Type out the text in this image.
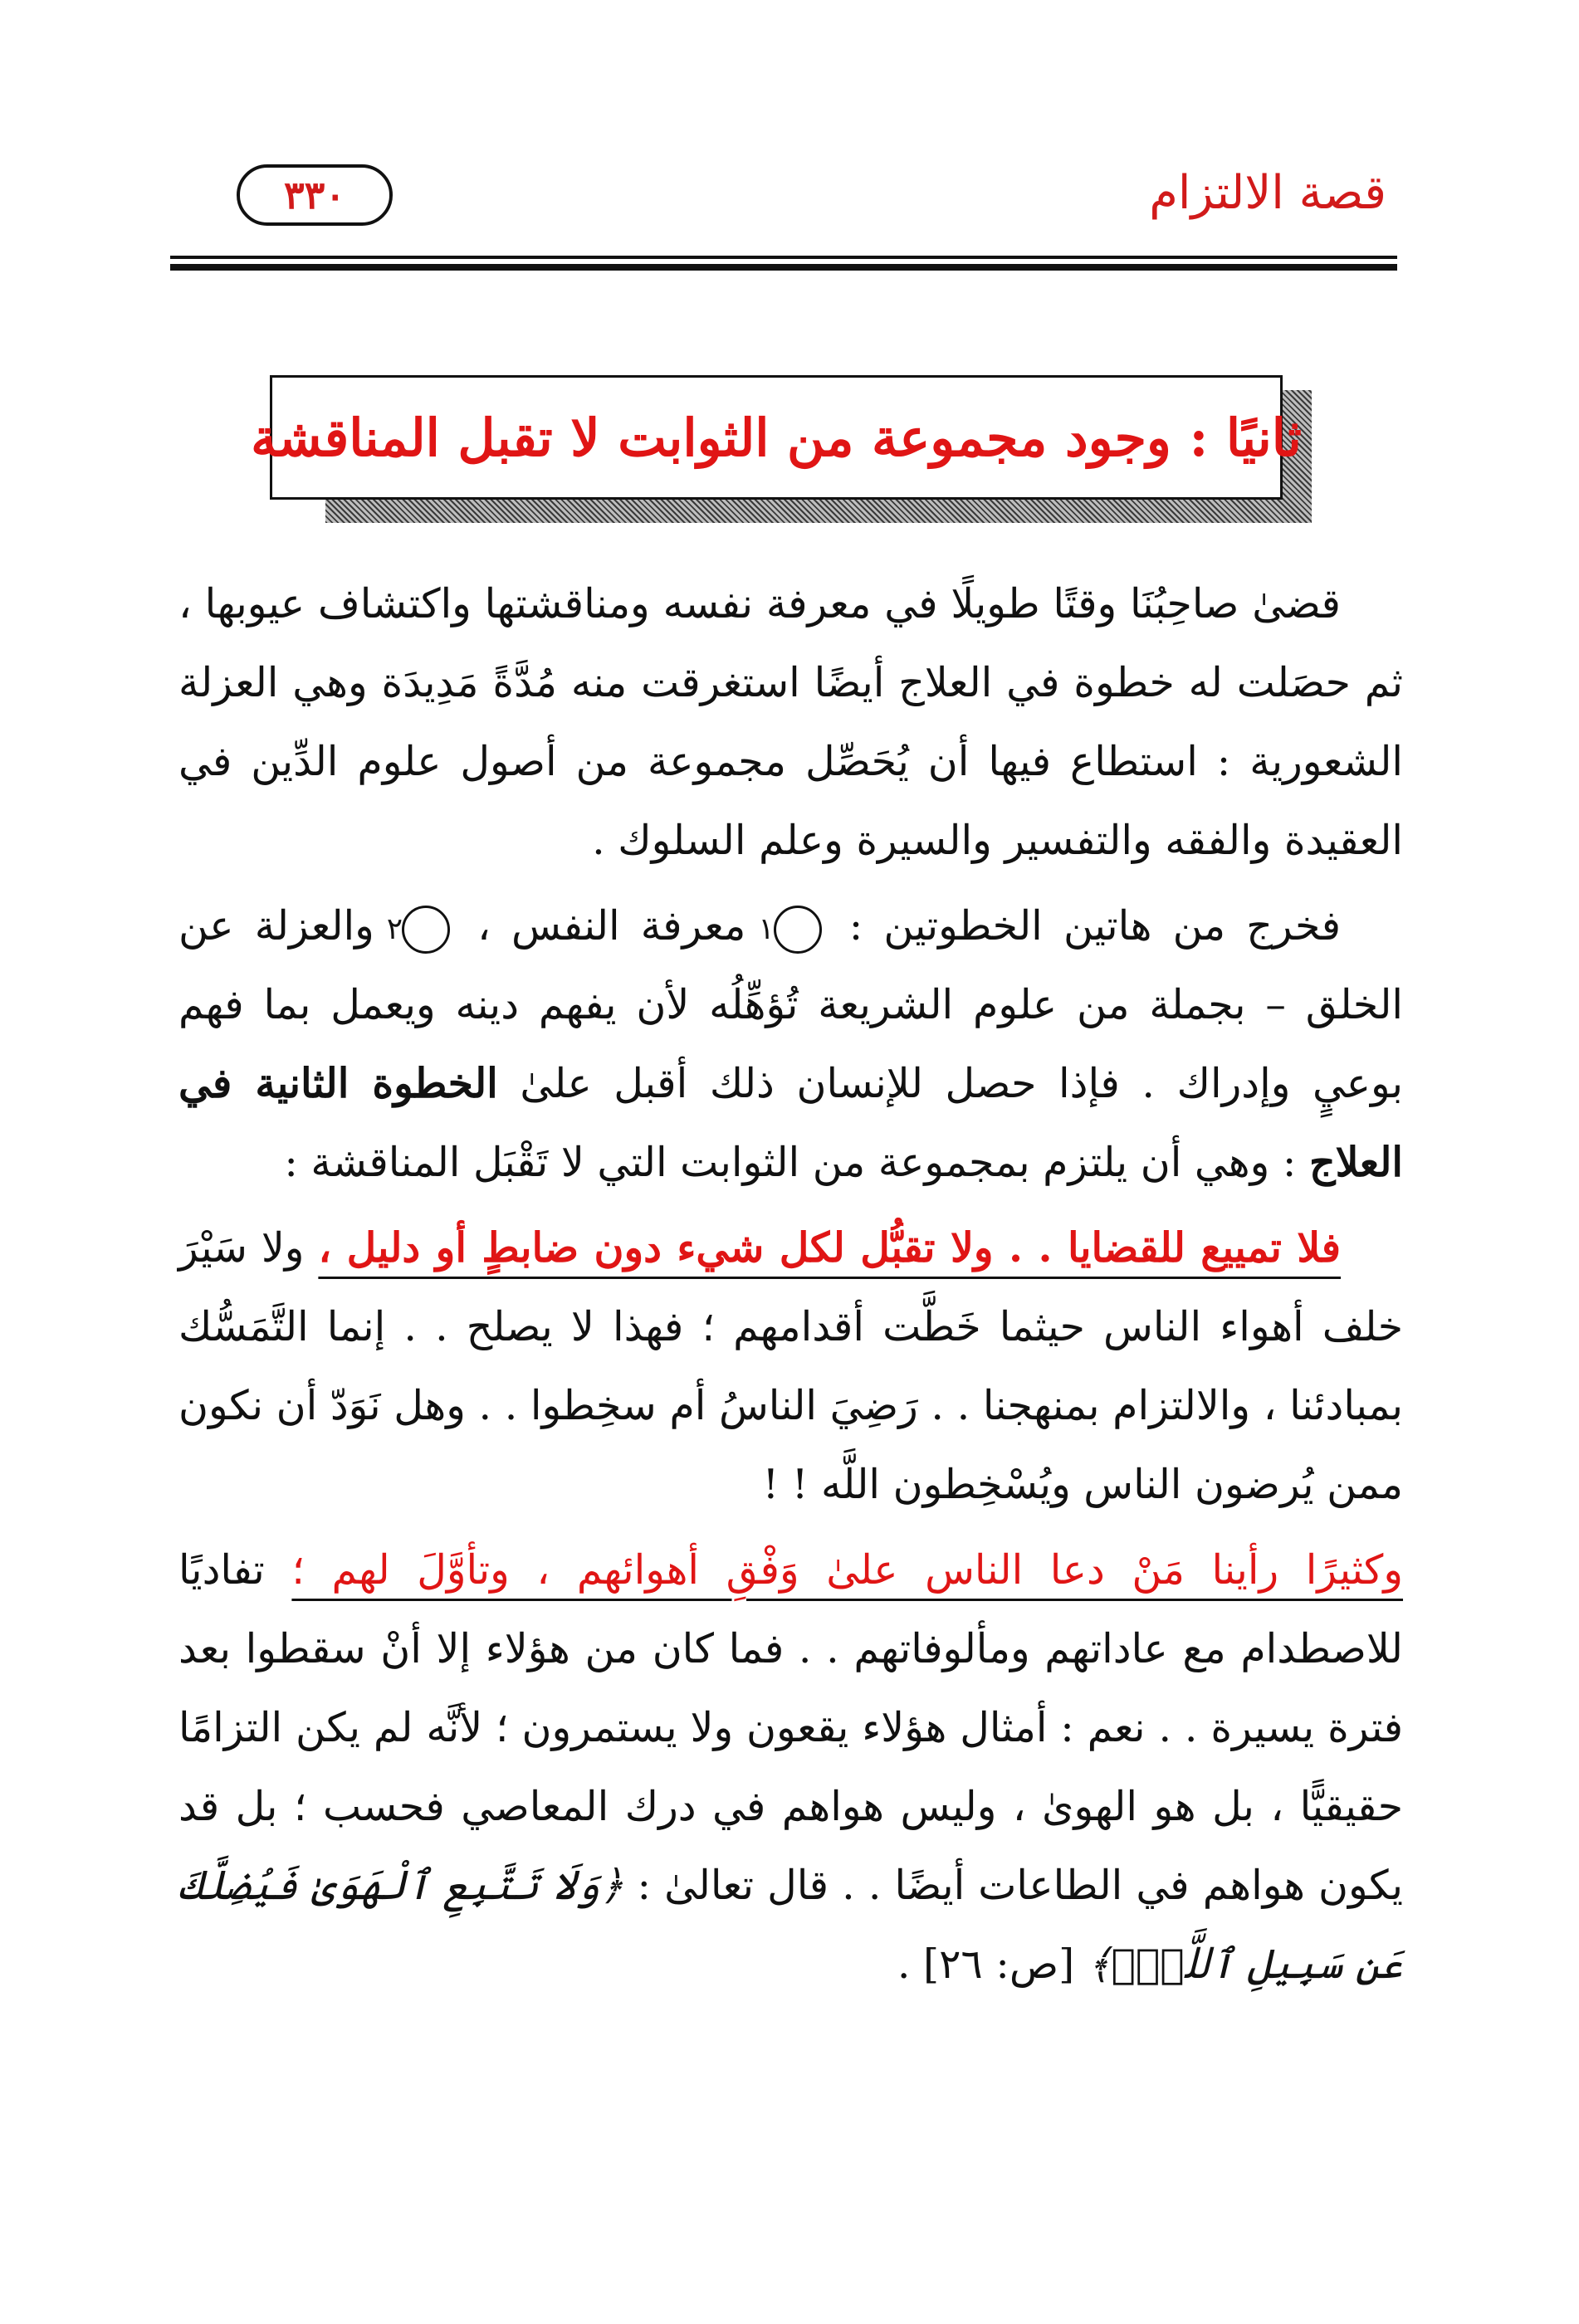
٣٣٠	قصة الالتزام
ثانيًا : وجود مجموعة من الثوابت لا تقبل المناقشة

قضىٰ صاحِبُنَا وقتًا طويلًا في معرفة نفسه ومناقشتها واكتشاف عيوبها ، ثم حصَلت له خطوة في العلاج أيضًا استغرقت منه مُدَّةً مَدِيدَة وهي العزلة الشعورية : استطاع فيها أن يُحَصِّل مجموعة من أصول علوم الدِّين في العقيدة والفقه والتفسير والسيرة وعلم السلوك .

فخرج من هاتين الخطوتين : ١ معرفة النفس ، ٢ والعزلة عن الخلق – بجملة من علوم الشريعة تُؤهِّلُه لأن يفهم دينه ويعمل بما فهم بوعيٍ وإدراك . فإذا حصل للإنسان ذلك أقبل علىٰ الخطوة الثانية في العلاج : وهي أن يلتزم بمجموعة من الثوابت التي لا تَقْبَل المناقشة :

فلا تمييع للقضايا . . ولا تقبُّل لكل شيء دون ضابطٍ أو دليل ، ولا سَيْرَ خلف أهواء الناس حيثما خَطَّت أقدامهم ؛ فهذا لا يصلح . . إنما التَّمَسُّك بمبادئنا ، والالتزام بمنهجنا . . رَضِيَ الناسُ أم سخِطوا . . وهل نَوَدّ أن نكون ممن يُرضون الناس ويُسْخِطون اللَّه ! !

وكثيرًا رأينا مَنْ دعا الناس علىٰ وَفْقِ أهوائهم ، وتأوَّلَ لهم ؛ تفاديًا للاصطدام مع عاداتهم ومألوفاتهم . . فما كان من هؤلاء إلا أنْ سقطوا بعد فترة يسيرة . . نعم : أمثال هؤلاء يقعون ولا يستمرون ؛ لأنَّه لم يكن التزامًا حقيقيًّا ، بل هو الهوىٰ ، وليس هواهم في درك المعاصي فحسب ؛ بل قد يكون هواهم في الطاعات أيضًا . . قال تعالىٰ : ﴿وَلَا تَتَّبِعِ ٱلْهَوَىٰ فَيُضِلَّكَ عَن سَبِيلِ ٱللَّهِۚ﴾ [ص: ٢٦] .
